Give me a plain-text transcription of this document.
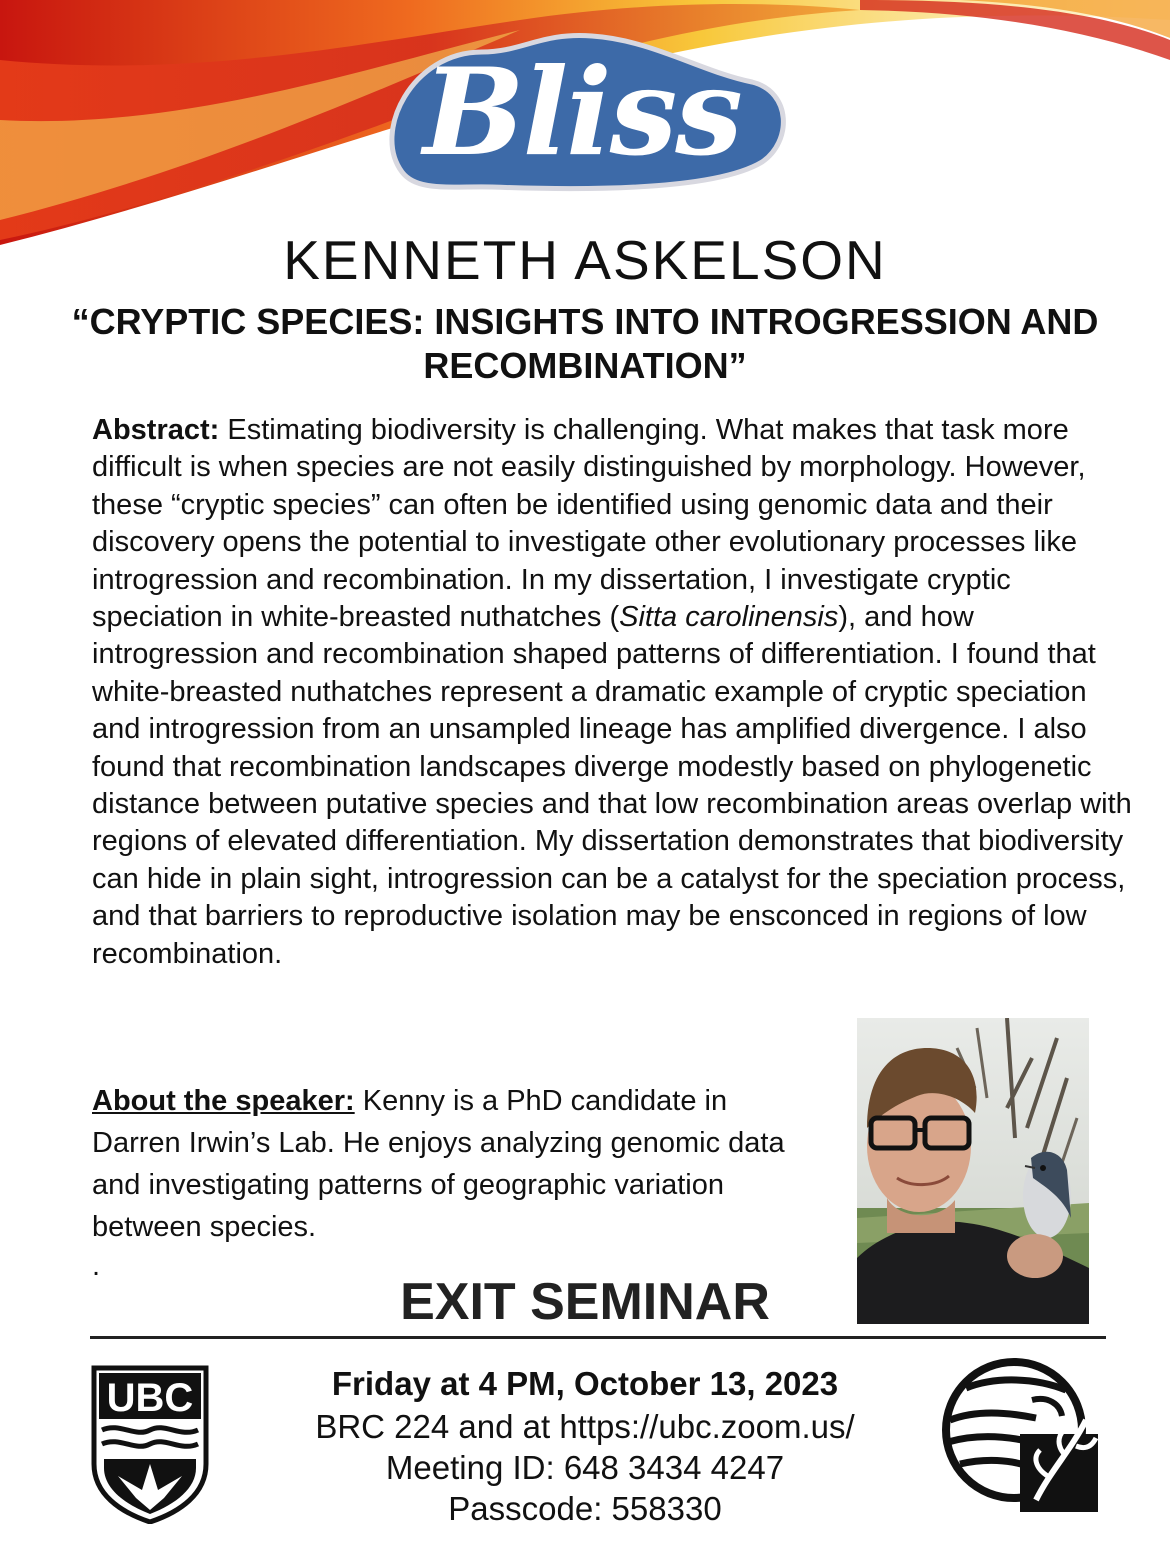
Bliss
KENNETH ASKELSON
“CRYPTIC SPECIES: INSIGHTS INTO INTROGRESSION AND RECOMBINATION”

Abstract: Estimating biodiversity is challenging. What makes that task more difficult is when species are not easily distinguished by morphology. However, these “cryptic species” can often be identified using genomic data and their discovery opens the potential to investigate other evolutionary processes like introgression and recombination. In my dissertation, I investigate cryptic speciation in white-breasted nuthatches (Sitta carolinensis), and how introgression and recombination shaped patterns of differentiation. I found that white-breasted nuthatches represent a dramatic example of cryptic speciation and introgression from an unsampled lineage has amplified divergence. I also found that recombination landscapes diverge modestly based on phylogenetic distance between putative species and that low recombination areas overlap with regions of elevated differentiation. My dissertation demonstrates that biodiversity can hide in plain sight, introgression can be a catalyst for the speciation process, and that barriers to reproductive isolation may be ensconced in regions of low recombination.

About the speaker: Kenny is a PhD candidate in Darren Irwin’s Lab. He enjoys analyzing genomic data and investigating patterns of geographic variation between species.

.
EXIT SEMINAR
UBC	Friday at 4 PM, October 13, 2023
BRC 224 and at https://ubc.zoom.us/
Meeting ID: 648 3434 4247
Passcode: 558330
